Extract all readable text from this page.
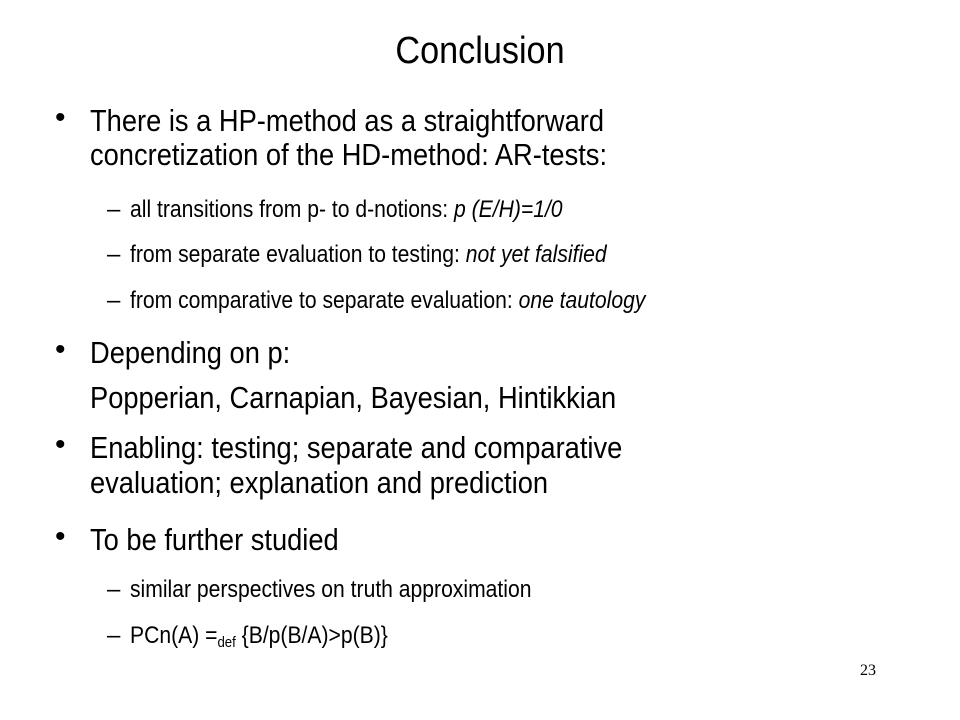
Conclusion
• There is a HP-method as a straightforward
concretization of the HD-method: AR-tests:
– all transitions from p- to d-notions: p (E/H)=1/0
– from separate evaluation to testing: not yet falsified
– from comparative to separate evaluation: one tautology
• Depending on p:
Popperian, Carnapian, Bayesian, Hintikkian
• Enabling: testing; separate and comparative
evaluation; explanation and prediction
• To be further studied
– similar perspectives on truth approximation
– $PCn(A) =_{def}$ {B/p(B/A)>p(B)}
23
